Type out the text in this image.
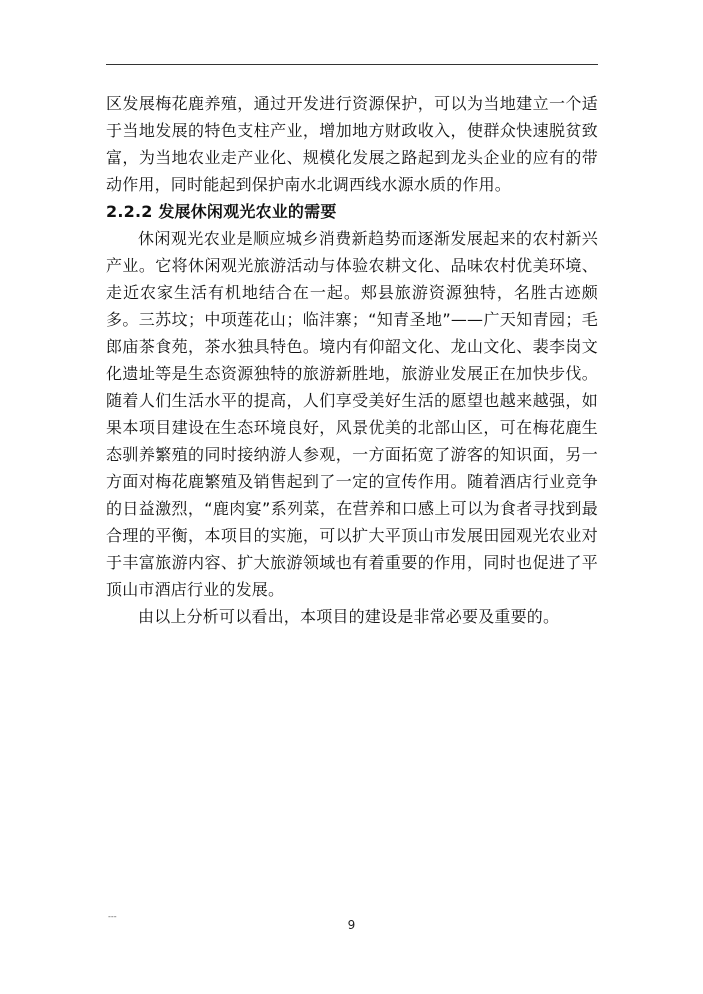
区发展梅花鹿养殖，通过开发进行资源保护，可以为当地建立一个适于当地发展的特色支柱产业，增加地方财政收入，使群众快速脱贫致富，为当地农业走产业化、规模化发展之路起到龙头企业的应有的带动作用，同时能起到保护南水北调西线水源水质的作用。

2.2.2 发展休闲观光农业的需要

休闲观光农业是顺应城乡消费新趋势而逐渐发展起来的农村新兴产业。它将休闲观光旅游活动与体验农耕文化、品味农村优美环境、走近农家生活有机地结合在一起。郏县旅游资源独特，名胜古迹颇多。三苏坟；中项莲花山；临沣寨；“知青圣地”——广天知青园；毛郎庙茶食苑，茶水独具特色。境内有仰韶文化、龙山文化、裴李岗文化遗址等是生态资源独特的旅游新胜地，旅游业发展正在加快步伐。随着人们生活水平的提高，人们享受美好生活的愿望也越来越强，如果本项目建设在生态环境良好，风景优美的北部山区，可在梅花鹿生态驯养繁殖的同时接纳游人参观，一方面拓宽了游客的知识面，另一方面对梅花鹿繁殖及销售起到了一定的宣传作用。随着酒店行业竞争的日益激烈，“鹿肉宴”系列菜，在营养和口感上可以为食者寻找到最合理的平衡，本项目的实施，可以扩大平顶山市发展田园观光农业对于丰富旅游内容、扩大旅游领域也有着重要的作用，同时也促进了平顶山市酒店行业的发展。

由以上分析可以看出，本项目的建设是非常必要及重要的。

---
9
